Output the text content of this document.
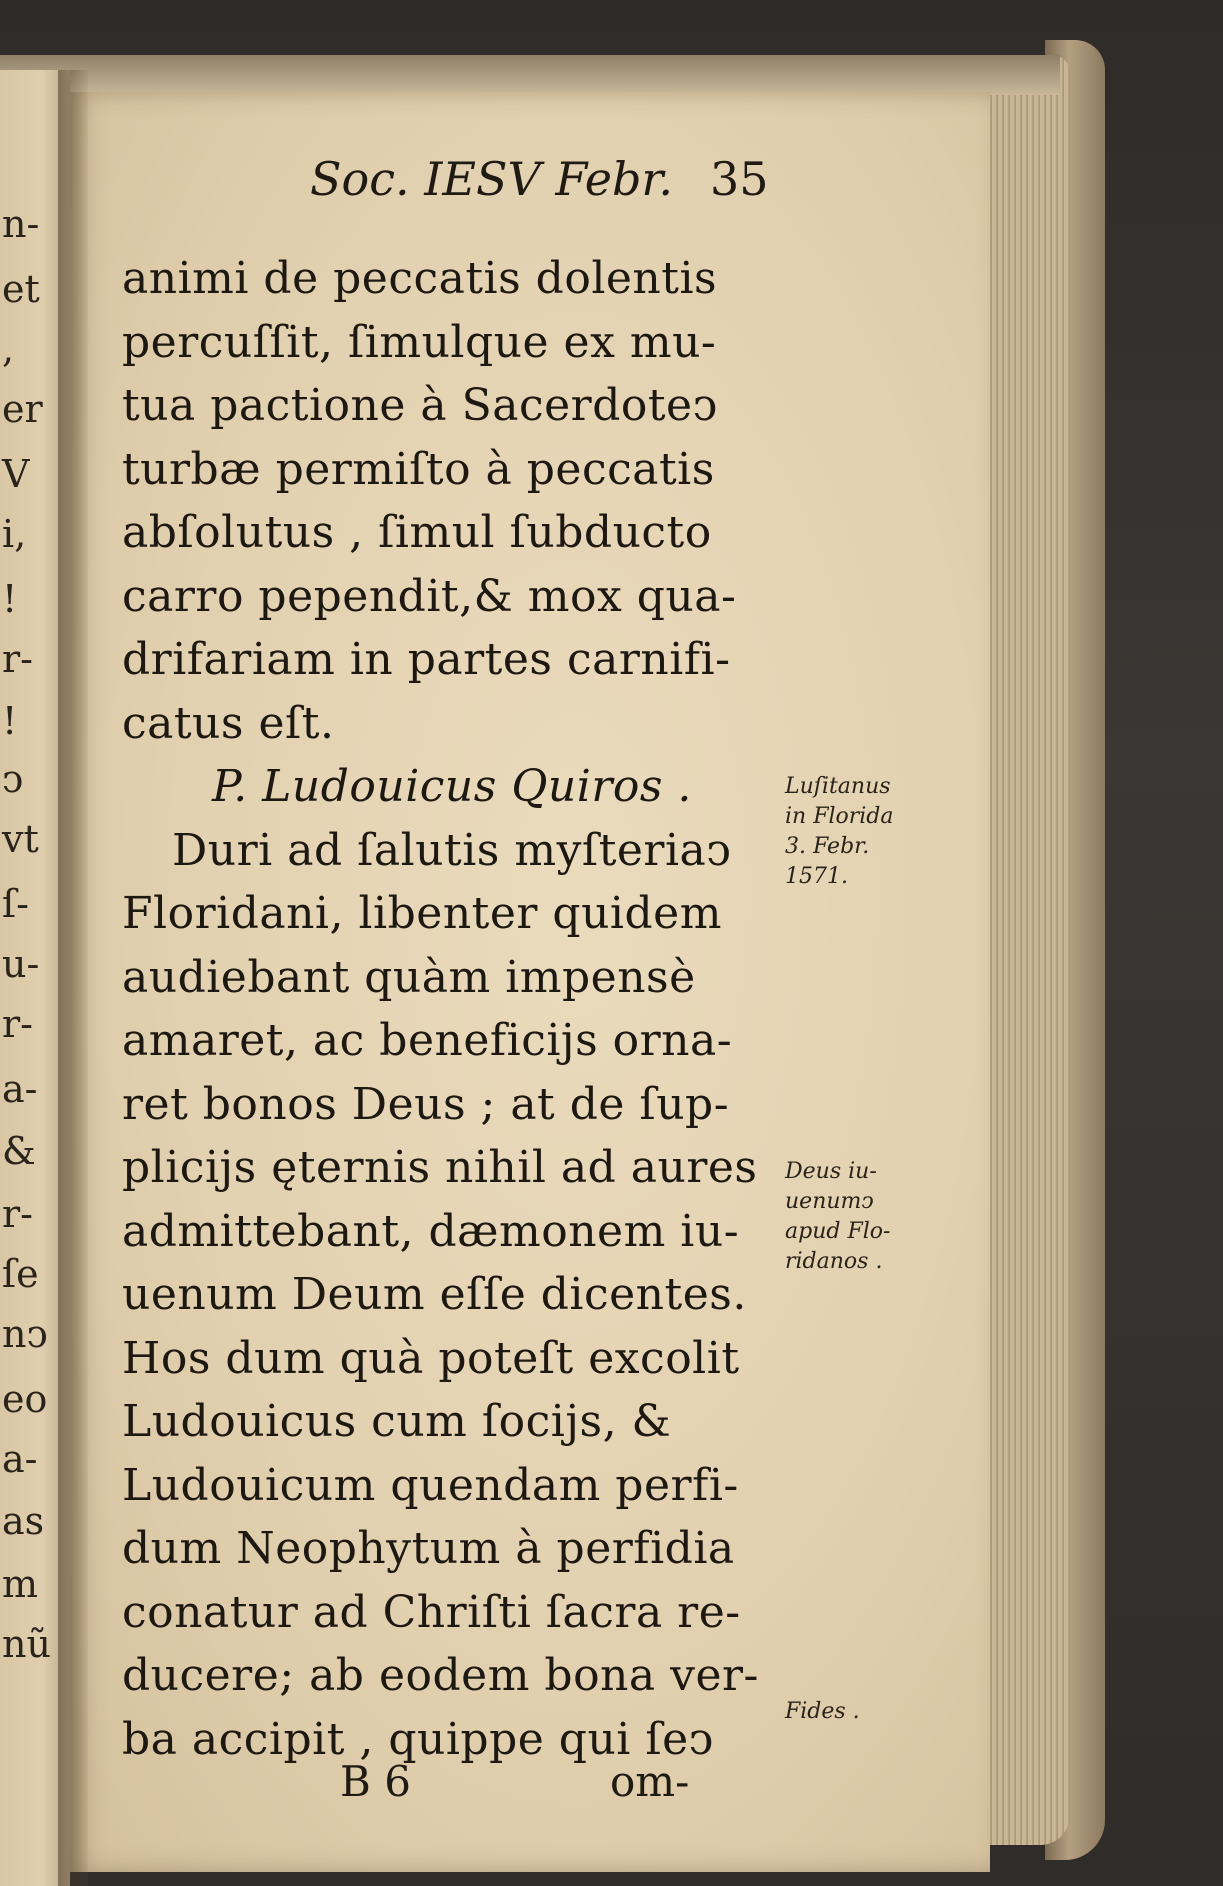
n-
et
,
er
V
i,
!
r-
!
ↄ
vt
ſ-
u-
r-
a-
&
r-
ſe
nↄ
eo
a-
as
m
nũ
Soc. IESV Febr. 35
animi de peccatis dolentis
percuſſit, ſimulque ex mu-
tua pactione à Sacerdoteↄ
turbæ permiſto à peccatis
abſolutus , ſimul ſubducto
carro pependit,& mox qua-
drifariam in partes carnifi-
catus eſt.
P. Ludouicus Quiros .
Duri ad ſalutis myſteriaↄ
Floridani, libenter quidem
audiebant quàm impensè
amaret, ac beneficijs orna-
ret bonos Deus ; at de ſup-
plicijs ęternis nihil ad aures
admittebant, dæmonem iu-
uenum Deum eſſe dicentes.
Hos dum quà poteſt excolit
Ludouicus cum ſocijs, &
Ludouicum quendam perfi-
dum Neophytum à perfidia
conatur ad Chriſti ſacra re-
ducere; ab eodem bona ver-
ba accipit , quippe qui ſeↄ
Luſitanus
in Florida
3. Febr.
1571.
Deus iu-
uenumↄ
apud Flo-
ridanos .
Fides .
B 6	om-
